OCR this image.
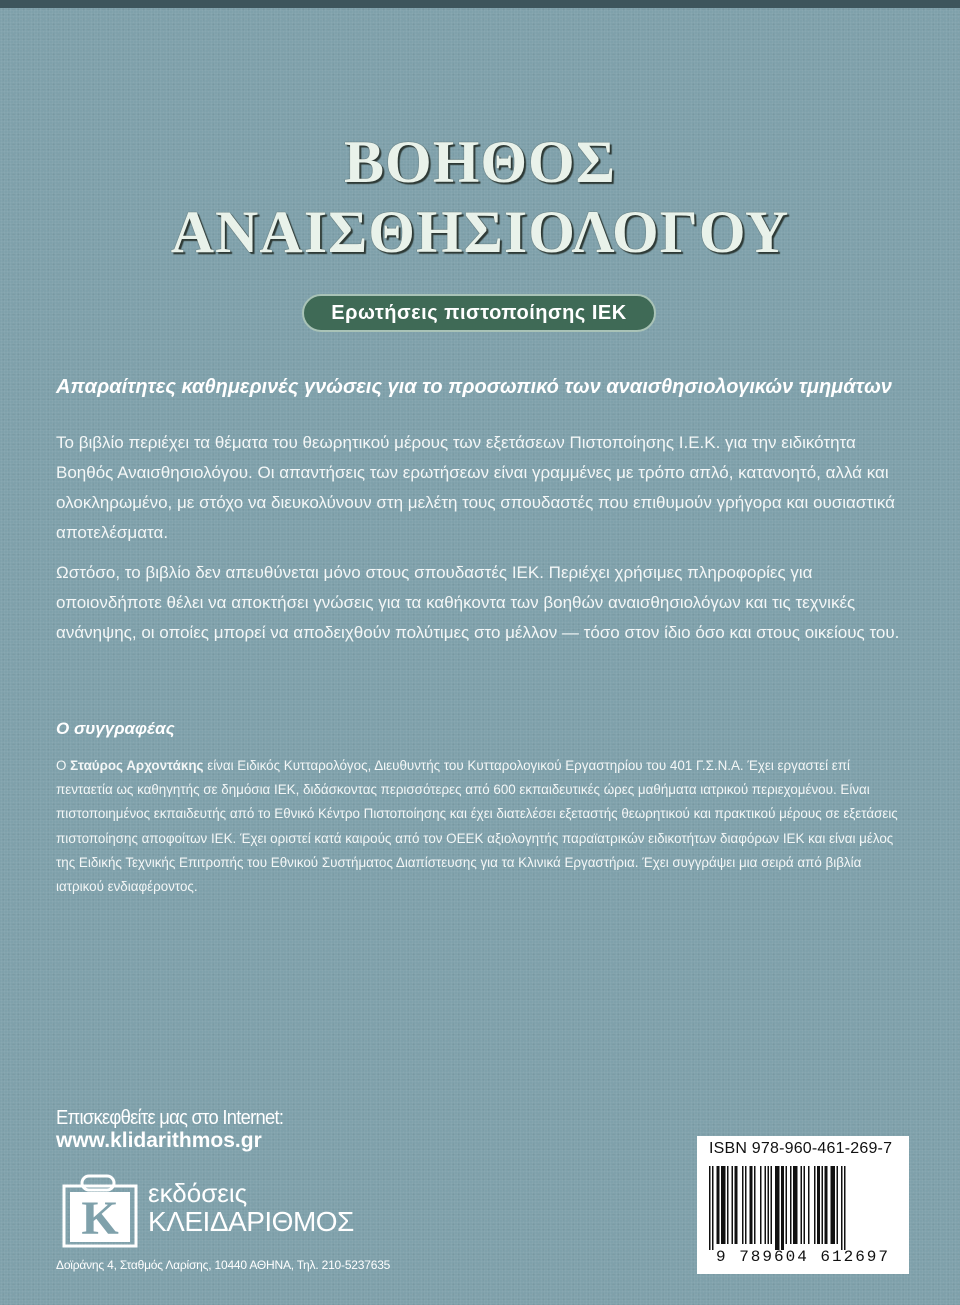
ΒΟΗΘΟΣ
ΑΝΑΙΣΘΗΣΙΟΛΟΓΟΥ
Ερωτήσεις πιστοποίησης ΙΕΚ
Απαραίτητες καθημερινές γνώσεις για το προσωπικό των αναισθησιολογικών τμημάτων

Το βιβλίο περιέχει τα θέματα του θεωρητικού μέρους των εξετάσεων Πιστοποίησης Ι.Ε.Κ. για την ειδικότητα Βοηθός Αναισθησιολόγου. Οι απαντήσεις των ερωτήσεων είναι γραμμένες με τρόπο απλό, κατανοητό, αλλά και ολοκληρωμένο, με στόχο να διευκολύνουν στη μελέτη τους σπουδαστές που επιθυμούν γρήγορα και ουσιαστικά αποτελέσματα.

Ωστόσο, το βιβλίο δεν απευθύνεται μόνο στους σπουδαστές ΙΕΚ. Περιέχει χρήσιμες πληροφορίες για οποιονδήποτε θέλει να αποκτήσει γνώσεις για τα καθήκοντα των βοηθών αναισθησιολόγων και τις τεχνικές ανάνηψης, οι οποίες μπορεί να αποδειχθούν πολύτιμες στο μέλλον — τόσο στον ίδιο όσο και στους οικείους του.

Ο συγγραφέας

Ο Σταύρος Αρχοντάκης είναι Ειδικός Κυτταρολόγος, Διευθυντής του Κυτταρολογικού Εργαστηρίου του 401 Γ.Σ.Ν.Α. Έχει εργαστεί επί πενταετία ως καθηγητής σε δημόσια ΙΕΚ, διδάσκοντας περισσότερες από 600 εκπαιδευτικές ώρες μαθήματα ιατρικού περιεχομένου. Είναι πιστοποιημένος εκπαιδευτής από το Εθνικό Κέντρο Πιστοποίησης και έχει διατελέσει εξεταστής θεωρητικού και πρακτικού μέρους σε εξετάσεις πιστοποίησης αποφοίτων ΙΕΚ. Έχει οριστεί κατά καιρούς από τον ΟΕΕΚ αξιολογητής παραϊατρικών ειδικοτήτων διαφόρων ΙΕΚ και είναι μέλος της Ειδικής Τεχνικής Επιτροπής του Εθνικού Συστήματος Διαπίστευσης για τα Κλινικά Εργαστήρια. Έχει συγγράψει μια σειρά από βιβλία ιατρικού ενδιαφέροντος.

Επισκεφθείτε μας στο Internet:
www.klidarithmos.gr
K εκδόσεις
ΚΛΕΙΔΑΡΙΘΜΟΣ
Δοϊράνης 4, Σταθμός Λαρίσης, 10440 ΑΘΗΝΑ, Τηλ. 210-5237635
ISBN 978-960-461-269-7
9 789604 612697
